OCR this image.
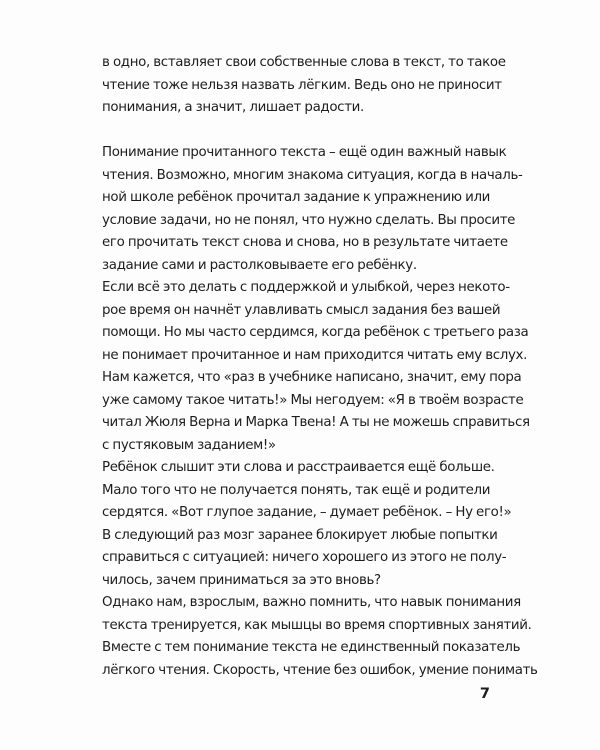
в одно, вставляет свои собственные слова в текст, то такое
чтение тоже нельзя назвать лёгким. Ведь оно не приносит
понимания, а значит, лишает радости.
Понимание прочитанного текста – ещё один важный навык
чтения. Возможно, многим знакома ситуация, когда в началь-
ной школе ребёнок прочитал задание к упражнению или
условие задачи, но не понял, что нужно сделать. Вы просите
его прочитать текст снова и снова, но в результате читаете
задание сами и растолковываете его ребёнку.
Если всё это делать с поддержкой и улыбкой, через некото-
рое время он начнёт улавливать смысл задания без вашей
помощи. Но мы часто сердимся, когда ребёнок с третьего раза
не понимает прочитанное и нам приходится читать ему вслух.
Нам кажется, что «раз в учебнике написано, значит, ему пора
уже самому такое читать!» Мы негодуем: «Я в твоём возрасте
читал Жюля Верна и Марка Твена! А ты не можешь справиться
с пустяковым заданием!»
Ребёнок слышит эти слова и расстраивается ещё больше.
Мало того что не получается понять, так ещё и родители
сердятся. «Вот глупое задание, – думает ребёнок. – Ну его!»
В следующий раз мозг заранее блокирует любые попытки
справиться с ситуацией: ничего хорошего из этого не полу-
чилось, зачем приниматься за это вновь?
Однако нам, взрослым, важно помнить, что навык понимания
текста тренируется, как мышцы во время спортивных занятий.
Вместе с тем понимание текста не единственный показатель
лёгкого чтения. Скорость, чтение без ошибок, умение понимать
7
